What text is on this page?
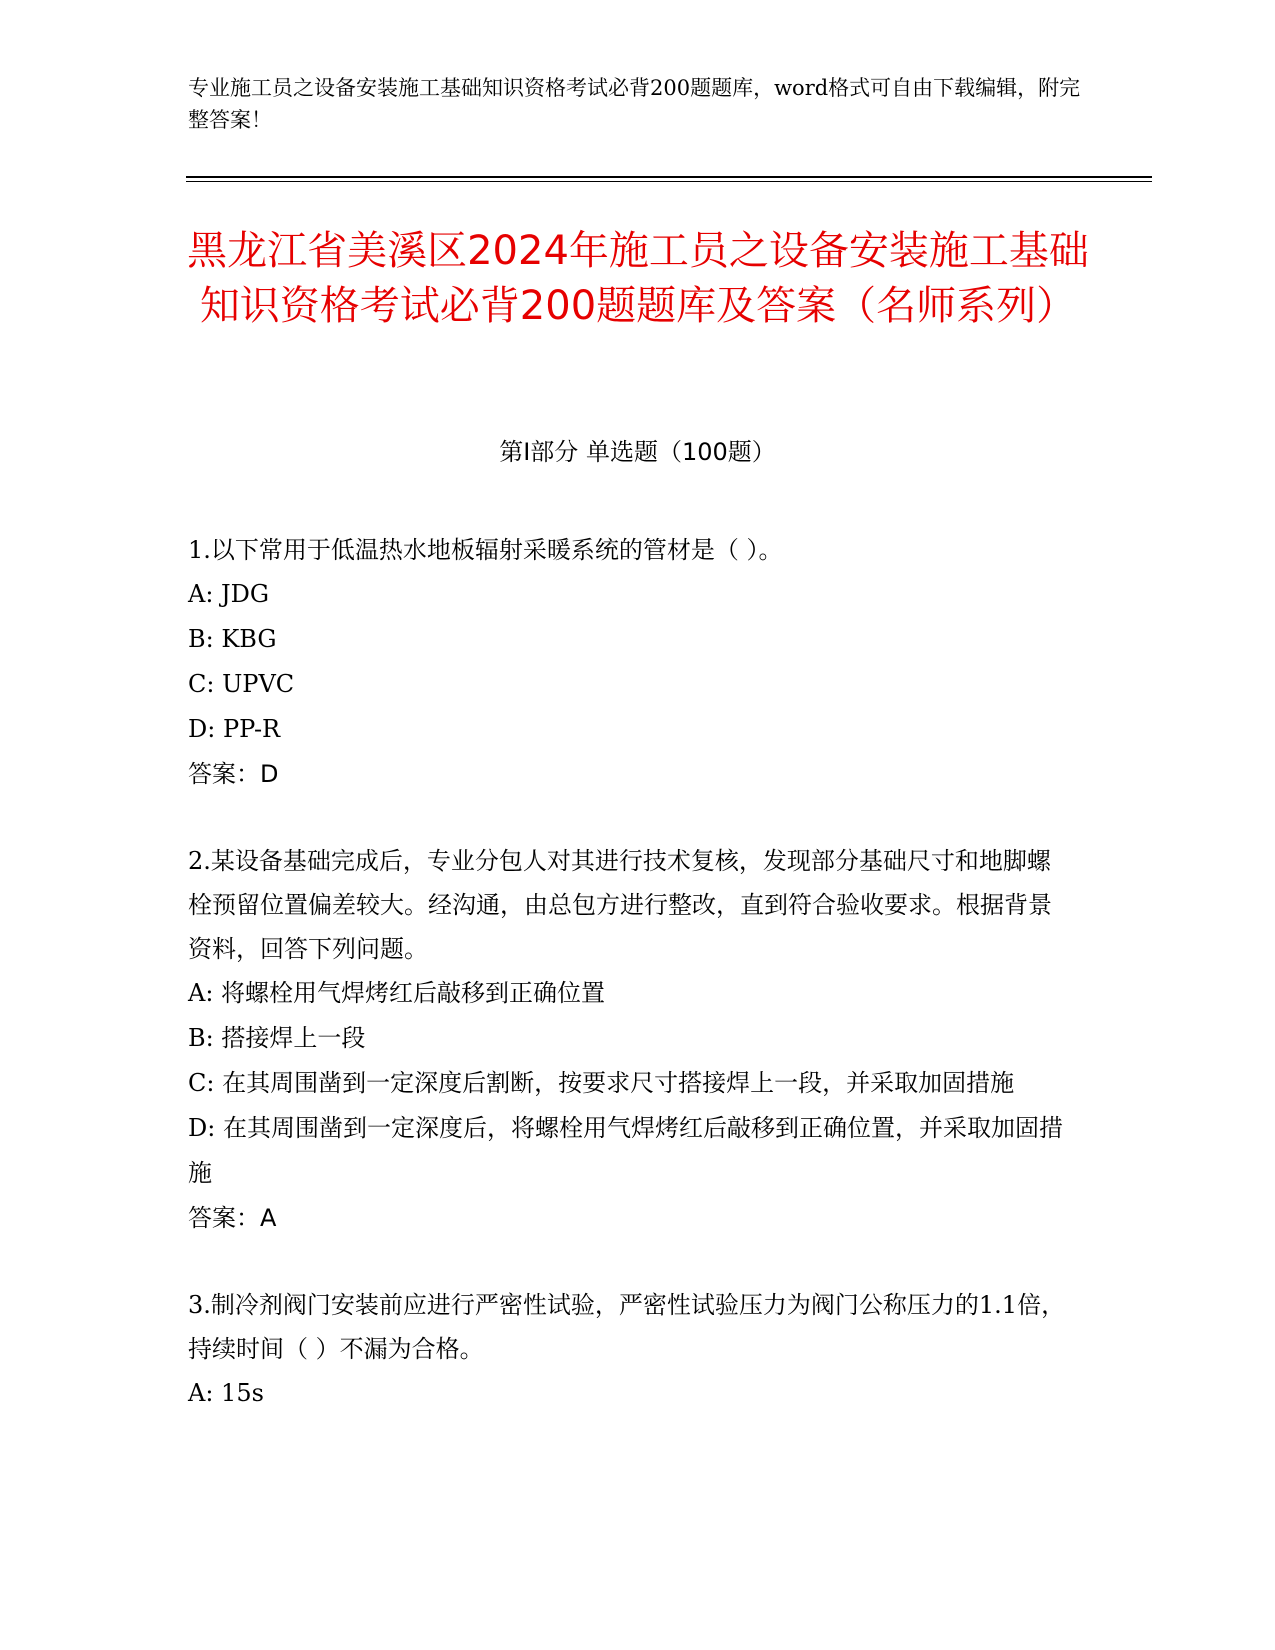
专业施工员之设备安装施工基础知识资格考试必背200题题库，word格式可自由下载编辑，附完整答案！
黑龙江省美溪区2024年施工员之设备安装施工基础知识资格考试必背200题题库及答案（名师系列）
第Ⅰ部分 单选题（100题）
1.以下常用于低温热水地板辐射采暖系统的管材是（ ）。
A: JDG
B: KBG
C: UPVC
D: PP-R
答案：D
2.某设备基础完成后，专业分包人对其进行技术复核，发现部分基础尺寸和地脚螺栓预留位置偏差较大。经沟通，由总包方进行整改，直到符合验收要求。根据背景资料，回答下列问题。
A: 将螺栓用气焊烤红后敲移到正确位置
B: 搭接焊上一段
C: 在其周围凿到一定深度后割断，按要求尺寸搭接焊上一段，并采取加固措施
D: 在其周围凿到一定深度后，将螺栓用气焊烤红后敲移到正确位置，并采取加固措施
答案：A
3.制冷剂阀门安装前应进行严密性试验，严密性试验压力为阀门公称压力的1.1倍，持续时间（ ）不漏为合格。
A: 15s
